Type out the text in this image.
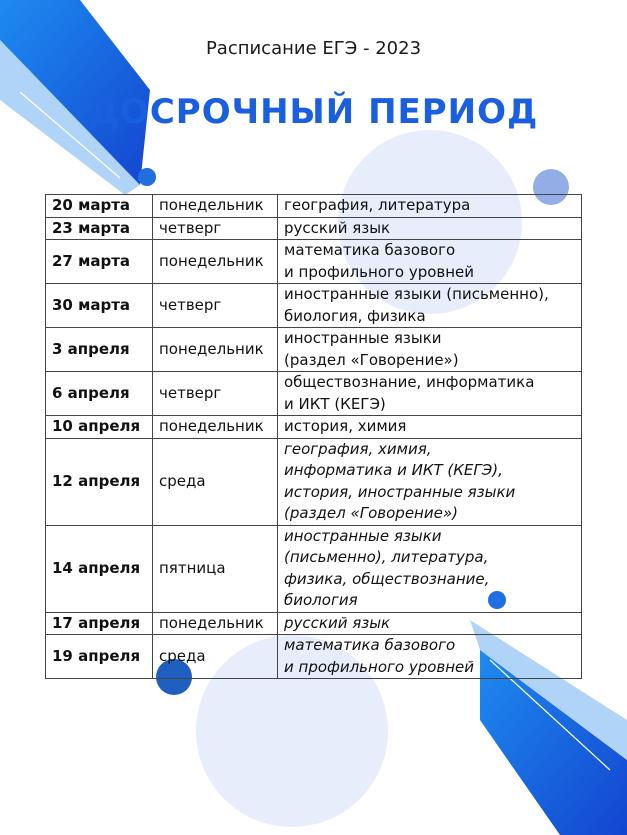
Расписание ЕГЭ - 2023
ДОСРОЧНЫЙ ПЕРИОД
20 марта	понедельник	география, литература

23 марта	четверг	русский язык

27 марта	понедельник	математика базового
и профильного уровней

30 марта	четверг	иностранные языки (письменно),
биология, физика

3 апреля	понедельник	иностранные языки
(раздел «Говорение»)

6 апреля	четверг	обществознание, информатика
и ИКТ (КЕГЭ)

10 апреля	понедельник	история, химия

12 апреля	среда	география, химия,
информатика и ИКТ (КЕГЭ),
история, иностранные языки
(раздел «Говорение»)

14 апреля	пятница	иностранные языки
(письменно), литература,
физика, обществознание,
биология

17 апреля	понедельник	русский язык

19 апреля	среда	математика базового
и профильного уровней
